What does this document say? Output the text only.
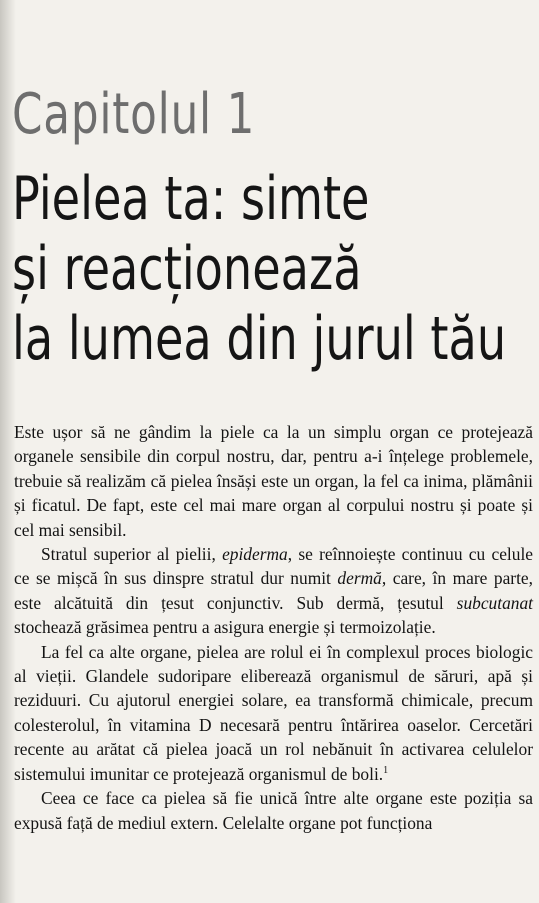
Capitolul 1
Pielea ta: simte
și reacționează
la lumea din jurul tău

Este ușor să ne gândim la piele ca la un simplu organ ce protejează organele sensibile din corpul nostru, dar, pentru a-i înțelege problemele, trebuie să realizăm că pielea însăși este un organ, la fel ca inima, plămânii și ficatul. De fapt, este cel mai mare organ al corpului nostru și poate și cel mai sensibil.

Stratul superior al pielii, epiderma, se reînnoiește continuu cu celule ce se mișcă în sus dinspre stratul dur numit dermă, care, în mare parte, este alcătuită din țesut conjunctiv. Sub dermă, țesutul subcutanat stochează grăsimea pentru a asigura energie și termoizolație.

La fel ca alte organe, pielea are rolul ei în complexul proces biologic al vieții. Glandele sudoripare eliberează organismul de săruri, apă și reziduuri. Cu ajutorul energiei solare, ea transformă chimicale, precum colesterolul, în vitamina D necesară pentru întărirea oaselor. Cercetări recente au arătat că pielea joacă un rol nebănuit în activarea celulelor sistemului imunitar ce protejează organismul de boli.$^1$

Ceea ce face ca pielea să fie unică între alte organe este poziția sa expusă față de mediul extern. Celelalte organe pot funcționa
